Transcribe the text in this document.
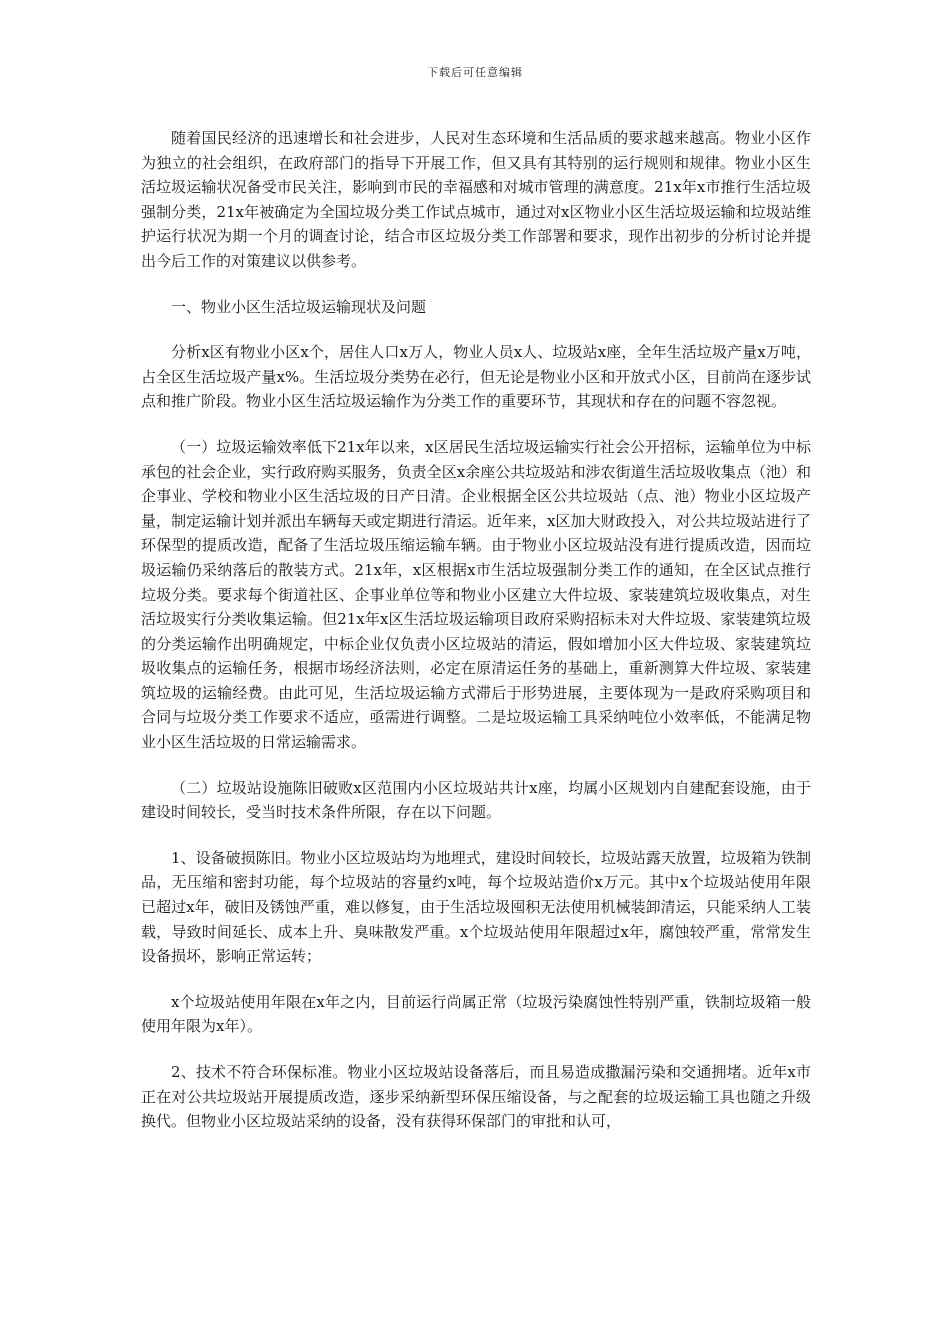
下载后可任意编辑

随着国民经济的迅速增长和社会进步，人民对生态环境和生活品质的要求越来越高。物业小区作为独立的社会组织，在政府部门的指导下开展工作，但又具有其特别的运行规则和规律。物业小区生活垃圾运输状况备受市民关注，影响到市民的幸福感和对城市管理的满意度。21x年x市推行生活垃圾强制分类，21x年被确定为全国垃圾分类工作试点城市，通过对x区物业小区生活垃圾运输和垃圾站维护运行状况为期一个月的调查讨论，结合市区垃圾分类工作部署和要求，现作出初步的分析讨论并提出今后工作的对策建议以供参考。

一、物业小区生活垃圾运输现状及问题

分析x区有物业小区x个，居住人口x万人，物业人员x人、垃圾站x座，全年生活垃圾产量x万吨，占全区生活垃圾产量x%。生活垃圾分类势在必行，但无论是物业小区和开放式小区，目前尚在逐步试点和推广阶段。物业小区生活垃圾运输作为分类工作的重要环节，其现状和存在的问题不容忽视。

（一）垃圾运输效率低下21x年以来，x区居民生活垃圾运输实行社会公开招标，运输单位为中标承包的社会企业，实行政府购买服务，负责全区x余座公共垃圾站和涉农街道生活垃圾收集点（池）和企事业、学校和物业小区生活垃圾的日产日清。企业根据全区公共垃圾站（点、池）物业小区垃圾产量，制定运输计划并派出车辆每天或定期进行清运。近年来，x区加大财政投入，对公共垃圾站进行了环保型的提质改造，配备了生活垃圾压缩运输车辆。由于物业小区垃圾站没有进行提质改造，因而垃圾运输仍采纳落后的散装方式。21x年，x区根据x市生活垃圾强制分类工作的通知，在全区试点推行垃圾分类。要求每个街道社区、企事业单位等和物业小区建立大件垃圾、家装建筑垃圾收集点，对生活垃圾实行分类收集运输。但21x年x区生活垃圾运输项目政府采购招标未对大件垃圾、家装建筑垃圾的分类运输作出明确规定，中标企业仅负责小区垃圾站的清运，假如增加小区大件垃圾、家装建筑垃圾收集点的运输任务，根据市场经济法则，必定在原清运任务的基础上，重新测算大件垃圾、家装建筑垃圾的运输经费。由此可见，生活垃圾运输方式滞后于形势进展，主要体现为一是政府采购项目和合同与垃圾分类工作要求不适应，亟需进行调整。二是垃圾运输工具采纳吨位小效率低，不能满足物业小区生活垃圾的日常运输需求。

（二）垃圾站设施陈旧破败x区范围内小区垃圾站共计x座，均属小区规划内自建配套设施，由于建设时间较长，受当时技术条件所限，存在以下问题。

1、设备破损陈旧。物业小区垃圾站均为地埋式，建设时间较长，垃圾站露天放置，垃圾箱为铁制品，无压缩和密封功能，每个垃圾站的容量约x吨，每个垃圾站造价x万元。其中x个垃圾站使用年限已超过x年，破旧及锈蚀严重，难以修复，由于生活垃圾囤积无法使用机械装卸清运，只能采纳人工装载，导致时间延长、成本上升、臭味散发严重。x个垃圾站使用年限超过x年，腐蚀较严重，常常发生设备损坏，影响正常运转；

x个垃圾站使用年限在x年之内，目前运行尚属正常（垃圾污染腐蚀性特别严重，铁制垃圾箱一般使用年限为x年）。

2、技术不符合环保标准。物业小区垃圾站设备落后，而且易造成撒漏污染和交通拥堵。近年x市正在对公共垃圾站开展提质改造，逐步采纳新型环保压缩设备，与之配套的垃圾运输工具也随之升级换代。但物业小区垃圾站采纳的设备，没有获得环保部门的审批和认可，
